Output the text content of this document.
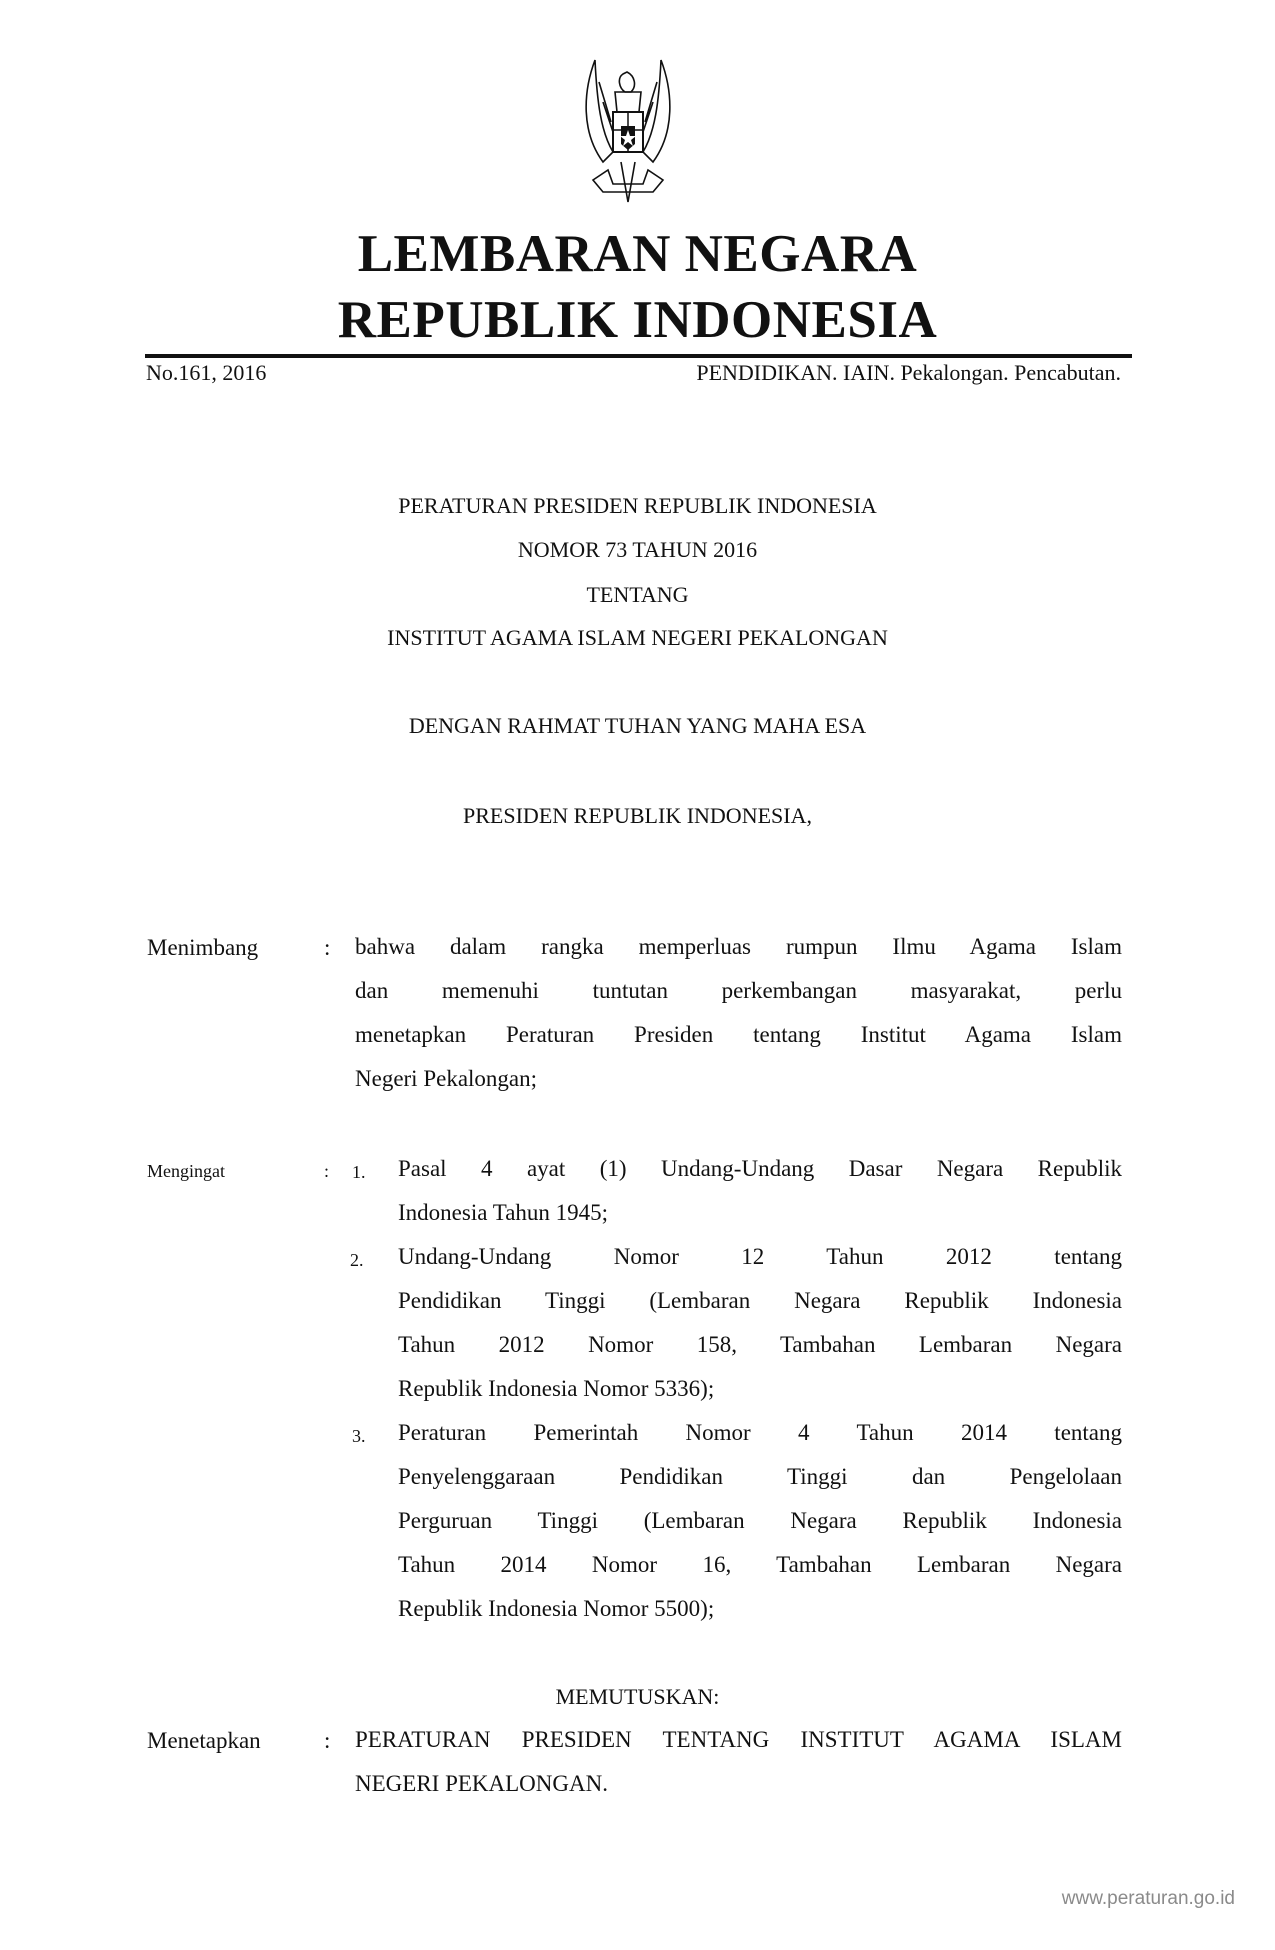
LEMBARAN NEGARA
REPUBLIK INDONESIA
No.161, 2016	PENDIDIKAN. IAIN. Pekalongan. Pencabutan.
PERATURAN PRESIDEN REPUBLIK INDONESIA
NOMOR 73 TAHUN 2016
TENTANG
INSTITUT AGAMA ISLAM NEGERI PEKALONGAN
DENGAN RAHMAT TUHAN YANG MAHA ESA
PRESIDEN REPUBLIK INDONESIA,
Menimbang	: bahwa dalam rangka memperluas rumpun Ilmu Agama Islam
dan memenuhi tuntutan perkembangan masyarakat, perlu
menetapkan Peraturan Presiden tentang Institut Agama Islam
Negeri Pekalongan;
Mengingat	: 1. Pasal 4 ayat (1) Undang-Undang Dasar Negara Republik
Indonesia Tahun 1945;
2. Undang-Undang Nomor 12 Tahun 2012 tentang
Pendidikan Tinggi (Lembaran Negara Republik Indonesia
Tahun 2012 Nomor 158, Tambahan Lembaran Negara
Republik Indonesia Nomor 5336);
3. Peraturan Pemerintah Nomor 4 Tahun 2014 tentang
Penyelenggaraan Pendidikan Tinggi dan Pengelolaan
Perguruan Tinggi (Lembaran Negara Republik Indonesia
Tahun 2014 Nomor 16, Tambahan Lembaran Negara
Republik Indonesia Nomor 5500);
MEMUTUSKAN:
Menetapkan	: PERATURAN PRESIDEN TENTANG INSTITUT AGAMA ISLAM
NEGERI PEKALONGAN.
www.peraturan.go.id
